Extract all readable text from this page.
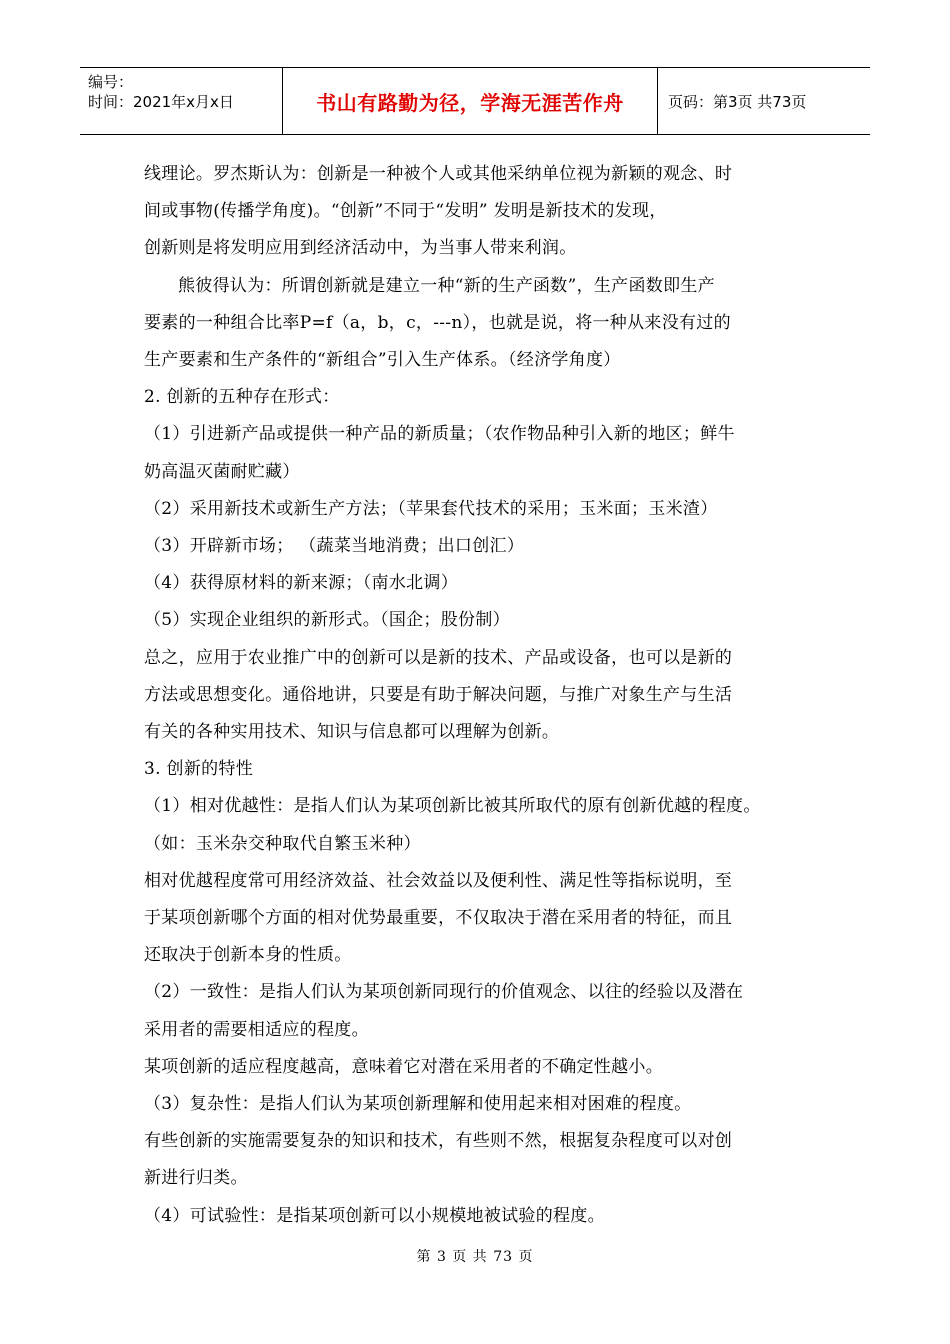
编号：
时间：2021年x月x日	书山有路勤为径，学海无涯苦作舟	页码：第3页 共73页

线理论。罗杰斯认为：创新是一种被个人或其他采纳单位视为新颖的观念、时

间或事物(传播学角度)。“创新”不同于“发明” 发明是新技术的发现，

创新则是将发明应用到经济活动中，为当事人带来利润。

熊彼得认为：所谓创新就是建立一种“新的生产函数”，生产函数即生产

要素的一种组合比率P=f（a，b，c，---n），也就是说，将一种从来没有过的

生产要素和生产条件的“新组合”引入生产体系。（经济学角度）

2. 创新的五种存在形式：

（1）引进新产品或提供一种产品的新质量；（农作物品种引入新的地区；鲜牛

奶高温灭菌耐贮藏）

（2）采用新技术或新生产方法；（苹果套代技术的采用；玉米面；玉米渣）

（3）开辟新市场； （蔬菜当地消费；出口创汇）

（4）获得原材料的新来源；（南水北调）

（5）实现企业组织的新形式。（国企；股份制）

总之，应用于农业推广中的创新可以是新的技术、产品或设备，也可以是新的

方法或思想变化。通俗地讲，只要是有助于解决问题，与推广对象生产与生活

有关的各种实用技术、知识与信息都可以理解为创新。

3. 创新的特性

（1）相对优越性：是指人们认为某项创新比被其所取代的原有创新优越的程度。

（如：玉米杂交种取代自繁玉米种）

相对优越程度常可用经济效益、社会效益以及便利性、满足性等指标说明，至

于某项创新哪个方面的相对优势最重要，不仅取决于潜在采用者的特征，而且

还取决于创新本身的性质。

（2）一致性：是指人们认为某项创新同现行的价值观念、以往的经验以及潜在

采用者的需要相适应的程度。

某项创新的适应程度越高，意味着它对潜在采用者的不确定性越小。

（3）复杂性：是指人们认为某项创新理解和使用起来相对困难的程度。

有些创新的实施需要复杂的知识和技术，有些则不然，根据复杂程度可以对创

新进行归类。

（4）可试验性：是指某项创新可以小规模地被试验的程度。

第 3 页 共 73 页
